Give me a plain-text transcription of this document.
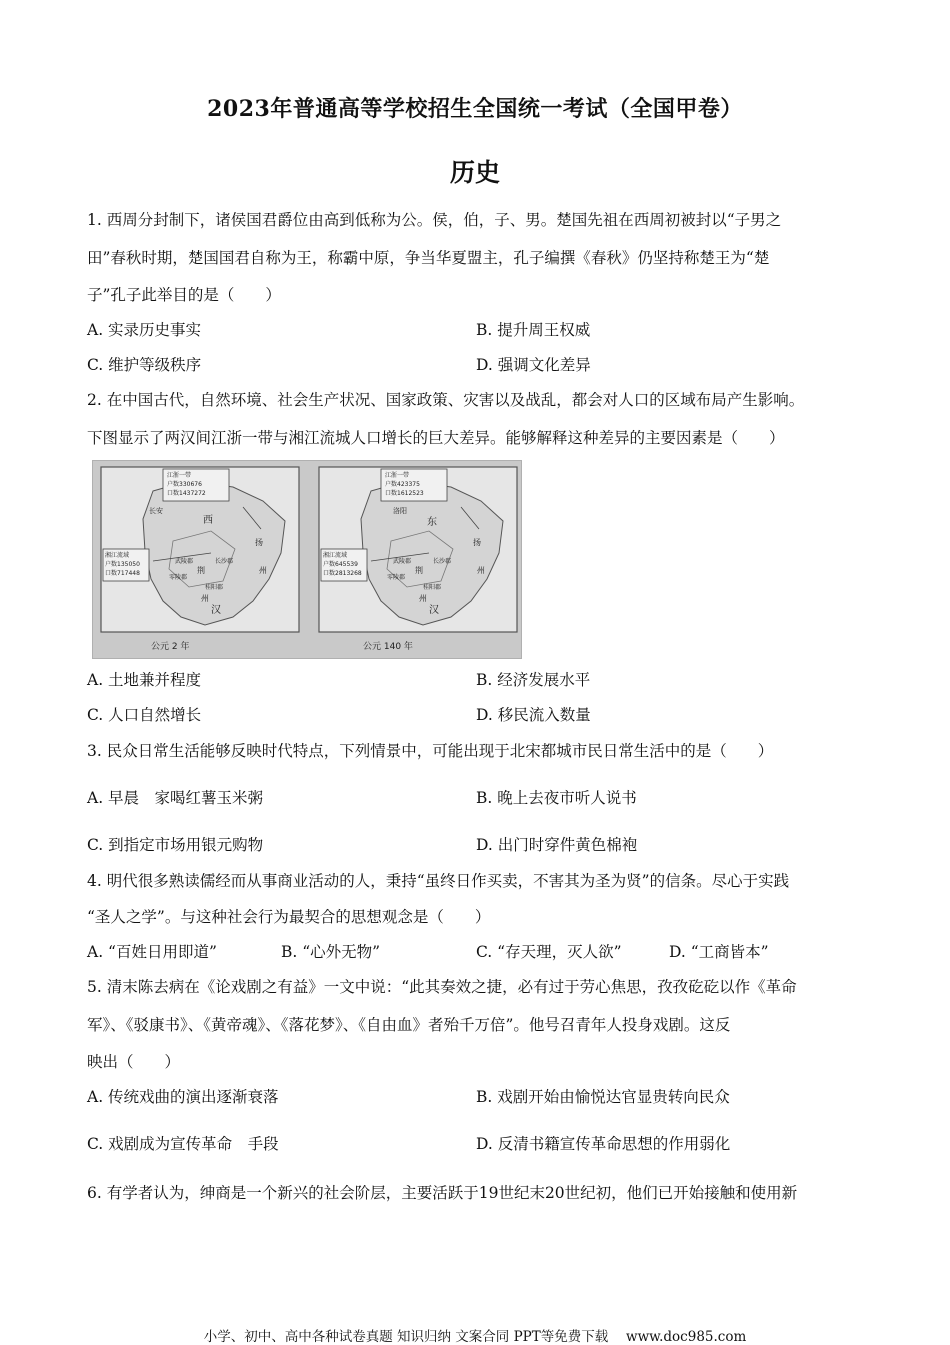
2023年普通高等学校招生全国统一考试（全国甲卷）
历史
1. 西周分封制下，诸侯国君爵位由高到低称为公。侯，伯，子、男。楚国先祖在西周初被封以“子男之
田”春秋时期，楚国国君自称为王，称霸中原，争当华夏盟主，孔子编撰《春秋》仍坚持称楚王为“楚
子”孔子此举目的是（　　）
A. 实录历史事实	B. 提升周王权威
C. 维护等级秩序	D. 强调文化差异
2. 在中国古代，自然环境、社会生产状况、国家政策、灾害以及战乱，都会对人口的区域布局产生影响。
下图显示了两汉间江浙一带与湘江流城人口增长的巨大差异。能够解释这种差异的主要因素是（　　）
江浙一带
户数330676
口数1437272
湘江流域
户数135050
口数717448
长安
西
汉
武陵郡	长沙郡
零陵郡
桂阳郡
荆
州
扬
州
公元 2 年
江浙一带
户数423375
口数1612523
湘江流域
户数645539
口数2813268
洛阳
东
汉
武陵郡	长沙郡
零陵郡
桂阳郡
荆
州
扬
州
公元 140 年
A. 土地兼并程度	B. 经济发展水平
C. 人口自然增长	D. 移民流入数量
3. 民众日常生活能够反映时代特点，下列情景中，可能出现于北宋都城市民日常生活中的是（　　）
A. 早晨　家喝红薯玉米粥	B. 晚上去夜市听人说书
C. 到指定市场用银元购物	D. 出门时穿件黄色棉袍
4. 明代很多熟读儒经而从事商业活动的人，秉持“虽终日作买卖，不害其为圣为贤”的信条。尽心于实践
“圣人之学”。与这种社会行为最契合的思想观念是（　　）
A. “百姓日用即道”	B. “心外无物”	C. “存天理，灭人欲”	D. “工商皆本”
5. 清末陈去病在《论戏剧之有益》一文中说：“此其奏效之捷，必有过于劳心焦思，孜孜矻矻以作《革命
军》、《驳康书》、《黄帝魂》、《落花梦》、《自由血》者殆千万倍”。他号召青年人投身戏剧。这反
映出（　　）
A. 传统戏曲的演出逐渐衰落	B. 戏剧开始由愉悦达官显贵转向民众
C. 戏剧成为宣传革命　手段	D. 反清书籍宣传革命思想的作用弱化
6. 有学者认为，绅商是一个新兴的社会阶层，主要活跃于19世纪末20世纪初，他们已开始接触和使用新
小学、初中、高中各种试卷真题 知识归纳 文案合同 PPT等免费下载　 www.doc985.com
